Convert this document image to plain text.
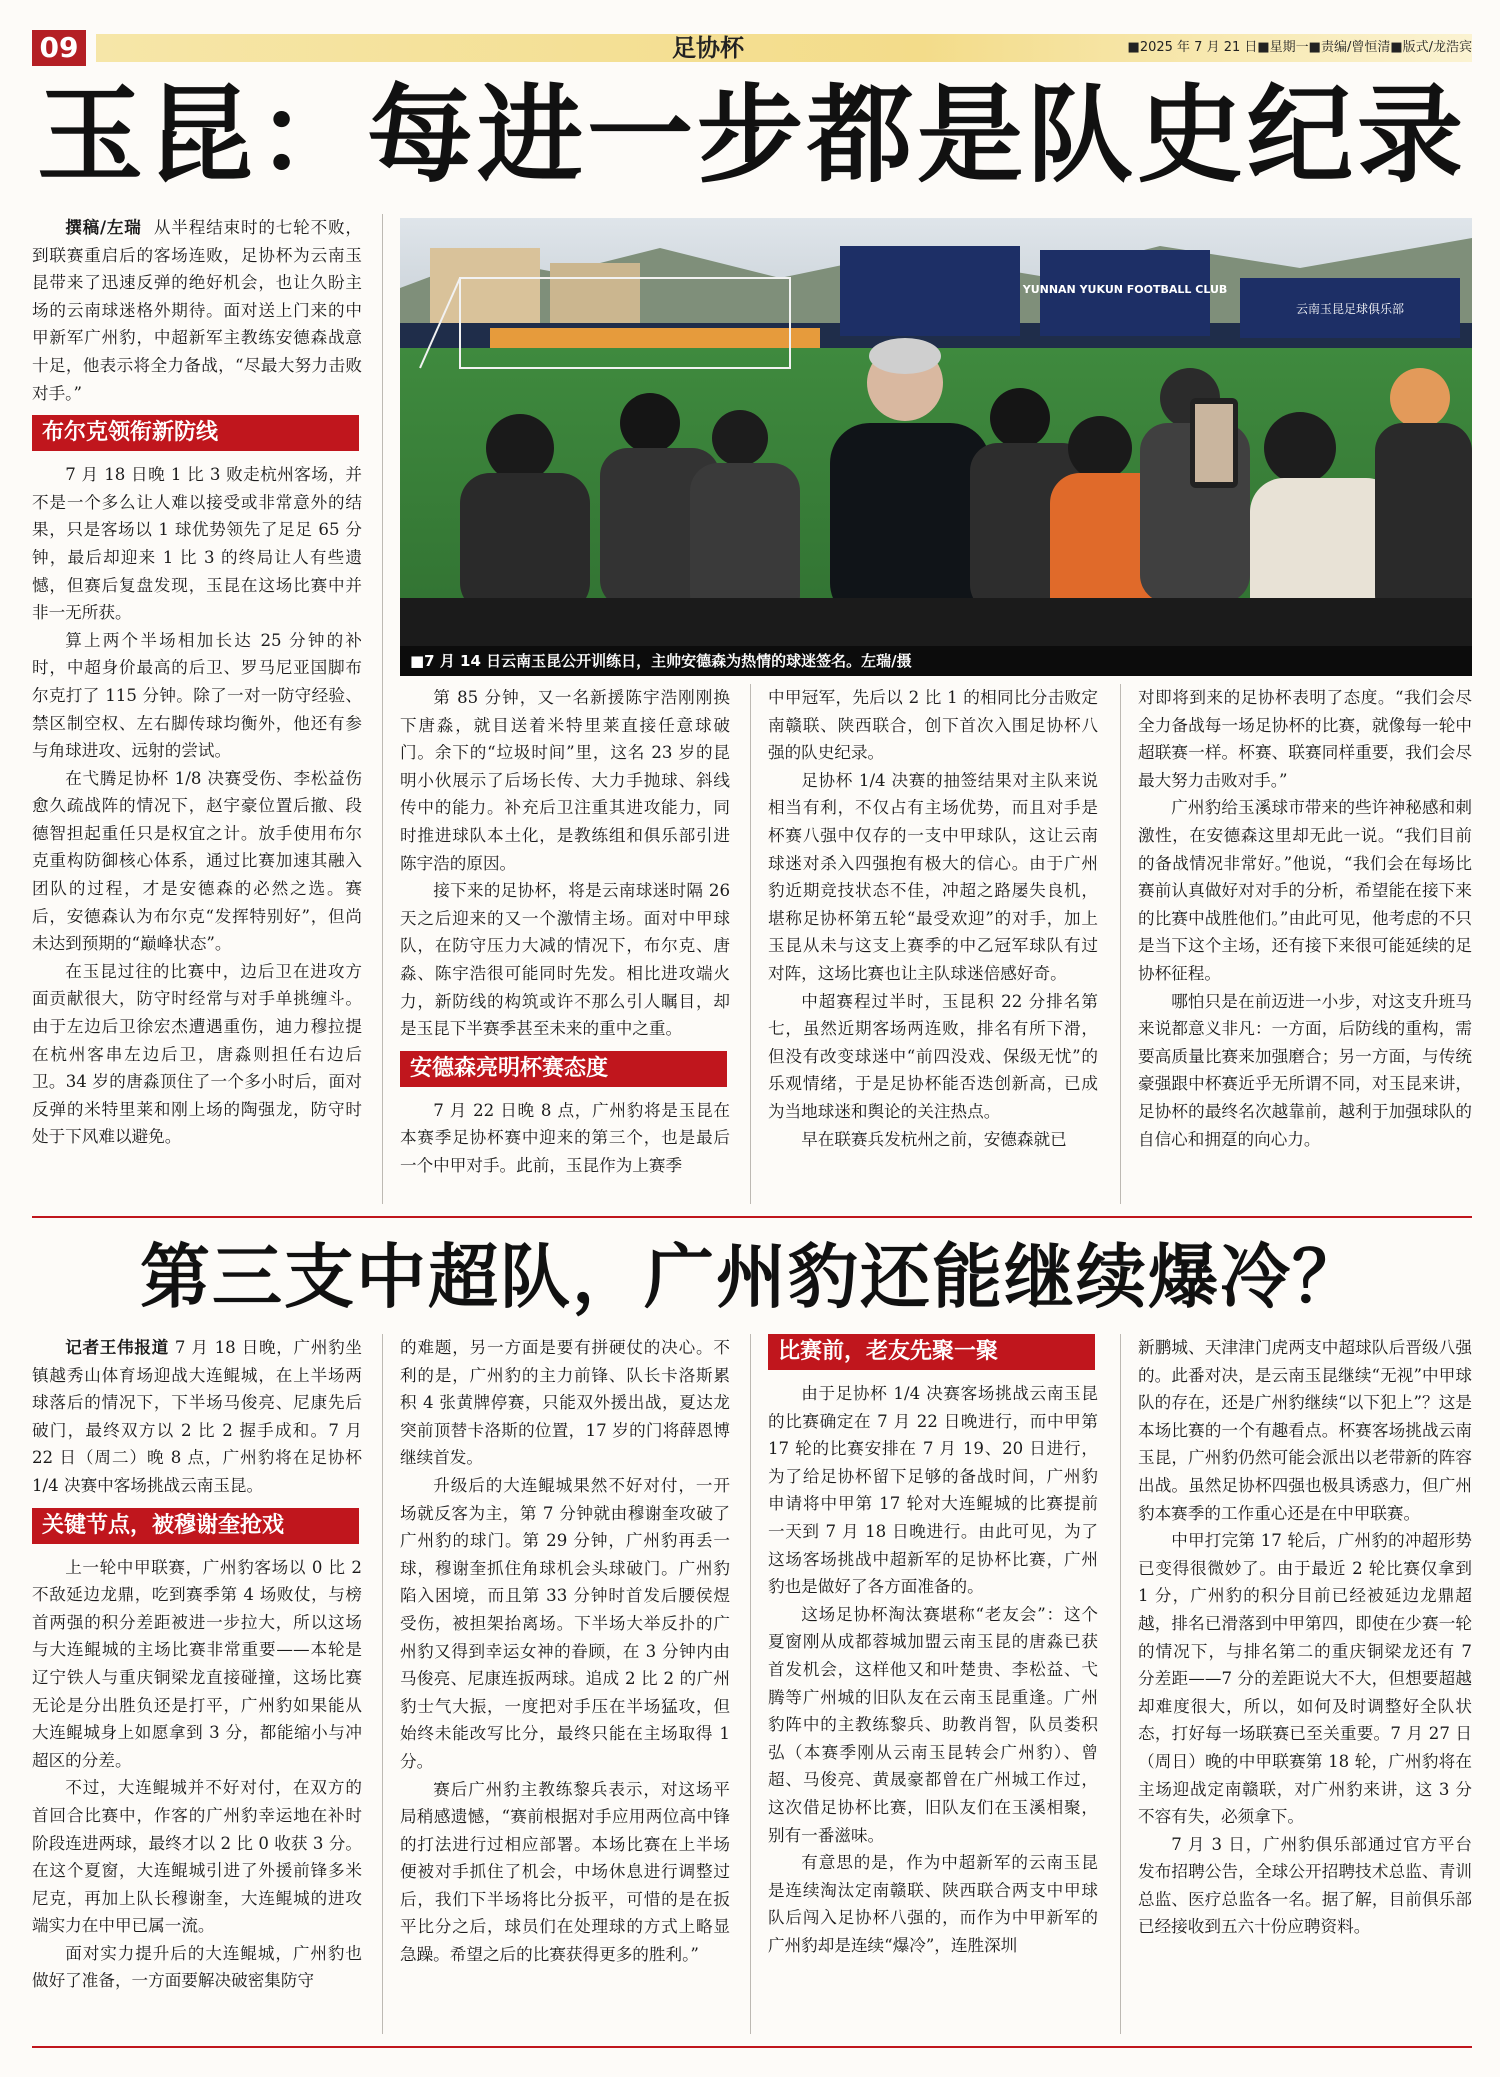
09	足协杯	■2025 年 7 月 21 日■星期一■责编/曾恒清■版式/龙浩宾
玉昆：每进一步都是队史纪录

撰稿/左瑞 从半程结束时的七轮不败，到联赛重启后的客场连败，足协杯为云南玉昆带来了迅速反弹的绝好机会，也让久盼主场的云南球迷格外期待。面对送上门来的中甲新军广州豹，中超新军主教练安德森战意十足，他表示将全力备战，“尽最大努力击败对手。”

布尔克领衔新防线

7 月 18 日晚 1 比 3 败走杭州客场，并不是一个多么让人难以接受或非常意外的结果，只是客场以 1 球优势领先了足足 65 分钟，最后却迎来 1 比 3 的终局让人有些遗憾，但赛后复盘发现，玉昆在这场比赛中并非一无所获。

算上两个半场相加长达 25 分钟的补时，中超身价最高的后卫、罗马尼亚国脚布尔克打了 115 分钟。除了一对一防守经验、禁区制空权、左右脚传球均衡外，他还有参与角球进攻、远射的尝试。

在弋腾足协杯 1/8 决赛受伤、李松益伤愈久疏战阵的情况下，赵宇豪位置后撤、段德智担起重任只是权宜之计。放手使用布尔克重构防御核心体系，通过比赛加速其融入团队的过程，才是安德森的必然之选。赛后，安德森认为布尔克“发挥特别好”，但尚未达到预期的“巅峰状态”。

在玉昆过往的比赛中，边后卫在进攻方面贡献很大，防守时经常与对手单挑缠斗。由于左边后卫徐宏杰遭遇重伤，迪力穆拉提在杭州客串左边后卫，唐淼则担任右边后卫。34 岁的唐淼顶住了一个多小时后，面对反弹的米特里莱和刚上场的陶强龙，防守时处于下风难以避免。

YUNNAN YUKUN FOOTBALL CLUB
云南玉昆足球俱乐部
■7 月 14 日云南玉昆公开训练日，主帅安德森为热情的球迷签名。左瑞/摄

第 85 分钟，又一名新援陈宇浩刚刚换下唐淼，就目送着米特里莱直接任意球破门。余下的“垃圾时间”里，这名 23 岁的昆明小伙展示了后场长传、大力手抛球、斜线传中的能力。补充后卫注重其进攻能力，同时推进球队本土化，是教练组和俱乐部引进陈宇浩的原因。

接下来的足协杯，将是云南球迷时隔 26 天之后迎来的又一个激情主场。面对中甲球队，在防守压力大减的情况下，布尔克、唐淼、陈宇浩很可能同时先发。相比进攻端火力，新防线的构筑或许不那么引人瞩目，却是玉昆下半赛季甚至未来的重中之重。

安德森亮明杯赛态度

7 月 22 日晚 8 点，广州豹将是玉昆在本赛季足协杯赛中迎来的第三个，也是最后一个中甲对手。此前，玉昆作为上赛季

中甲冠军，先后以 2 比 1 的相同比分击败定南赣联、陕西联合，创下首次入围足协杯八强的队史纪录。

足协杯 1/4 决赛的抽签结果对主队来说相当有利，不仅占有主场优势，而且对手是杯赛八强中仅存的一支中甲球队，这让云南球迷对杀入四强抱有极大的信心。由于广州豹近期竞技状态不佳，冲超之路屡失良机，堪称足协杯第五轮“最受欢迎”的对手，加上玉昆从未与这支上赛季的中乙冠军球队有过对阵，这场比赛也让主队球迷倍感好奇。

中超赛程过半时，玉昆积 22 分排名第七，虽然近期客场两连败，排名有所下滑，但没有改变球迷中“前四没戏、保级无忧”的乐观情绪，于是足协杯能否迭创新高，已成为当地球迷和舆论的关注热点。

早在联赛兵发杭州之前，安德森就已

对即将到来的足协杯表明了态度。“我们会尽全力备战每一场足协杯的比赛，就像每一轮中超联赛一样。杯赛、联赛同样重要，我们会尽最大努力击败对手。”

广州豹给玉溪球市带来的些许神秘感和刺激性，在安德森这里却无此一说。“我们目前的备战情况非常好。”他说，“我们会在每场比赛前认真做好对对手的分析，希望能在接下来的比赛中战胜他们。”由此可见，他考虑的不只是当下这个主场，还有接下来很可能延续的足协杯征程。

哪怕只是在前迈进一小步，对这支升班马来说都意义非凡：一方面，后防线的重构，需要高质量比赛来加强磨合；另一方面，与传统豪强跟中杯赛近乎无所谓不同，对玉昆来讲，足协杯的最终名次越靠前，越利于加强球队的自信心和拥趸的向心力。

第三支中超队，广州豹还能继续爆冷？

记者王伟报道 7 月 18 日晚，广州豹坐镇越秀山体育场迎战大连鲲城，在上半场两球落后的情况下，下半场马俊亮、尼康先后破门，最终双方以 2 比 2 握手成和。7 月 22 日（周二）晚 8 点，广州豹将在足协杯 1/4 决赛中客场挑战云南玉昆。

关键节点，被穆谢奎抢戏

上一轮中甲联赛，广州豹客场以 0 比 2 不敌延边龙鼎，吃到赛季第 4 场败仗，与榜首两强的积分差距被进一步拉大，所以这场与大连鲲城的主场比赛非常重要——本轮是辽宁铁人与重庆铜梁龙直接碰撞，这场比赛无论是分出胜负还是打平，广州豹如果能从大连鲲城身上如愿拿到 3 分，都能缩小与冲超区的分差。

不过，大连鲲城并不好对付，在双方的首回合比赛中，作客的广州豹幸运地在补时阶段连进两球，最终才以 2 比 0 收获 3 分。在这个夏窗，大连鲲城引进了外援前锋多米尼克，再加上队长穆谢奎，大连鲲城的进攻端实力在中甲已属一流。

面对实力提升后的大连鲲城，广州豹也做好了准备，一方面要解决破密集防守

的难题，另一方面是要有拼硬仗的决心。不利的是，广州豹的主力前锋、队长卡洛斯累积 4 张黄牌停赛，只能双外援出战，夏达龙突前顶替卡洛斯的位置，17 岁的门将薛恩博继续首发。

升级后的大连鲲城果然不好对付，一开场就反客为主，第 7 分钟就由穆谢奎攻破了广州豹的球门。第 29 分钟，广州豹再丢一球，穆谢奎抓住角球机会头球破门。广州豹陷入困境，而且第 33 分钟时首发后腰侯煜受伤，被担架抬离场。下半场大举反扑的广州豹又得到幸运女神的眷顾，在 3 分钟内由马俊亮、尼康连扳两球。追成 2 比 2 的广州豹士气大振，一度把对手压在半场猛攻，但始终未能改写比分，最终只能在主场取得 1 分。

赛后广州豹主教练黎兵表示，对这场平局稍感遗憾，“赛前根据对手应用两位高中锋的打法进行过相应部署。本场比赛在上半场便被对手抓住了机会，中场休息进行调整过后，我们下半场将比分扳平，可惜的是在扳平比分之后，球员们在处理球的方式上略显急躁。希望之后的比赛获得更多的胜利。”

比赛前，老友先聚一聚

由于足协杯 1/4 决赛客场挑战云南玉昆的比赛确定在 7 月 22 日晚进行，而中甲第 17 轮的比赛安排在 7 月 19、20 日进行，为了给足协杯留下足够的备战时间，广州豹申请将中甲第 17 轮对大连鲲城的比赛提前一天到 7 月 18 日晚进行。由此可见，为了这场客场挑战中超新军的足协杯比赛，广州豹也是做好了各方面准备的。

这场足协杯淘汰赛堪称“老友会”：这个夏窗刚从成都蓉城加盟云南玉昆的唐淼已获首发机会，这样他又和叶楚贵、李松益、弋腾等广州城的旧队友在云南玉昆重逢。广州豹阵中的主教练黎兵、助教肖智，队员娄积弘（本赛季刚从云南玉昆转会广州豹）、曾超、马俊亮、黄晟豪都曾在广州城工作过，这次借足协杯比赛，旧队友们在玉溪相聚，别有一番滋味。

有意思的是，作为中超新军的云南玉昆是连续淘汰定南赣联、陕西联合两支中甲球队后闯入足协杯八强的，而作为中甲新军的广州豹却是连续“爆冷”，连胜深圳

新鹏城、天津津门虎两支中超球队后晋级八强的。此番对决，是云南玉昆继续“无视”中甲球队的存在，还是广州豹继续“以下犯上”？这是本场比赛的一个有趣看点。杯赛客场挑战云南玉昆，广州豹仍然可能会派出以老带新的阵容出战。虽然足协杯四强也极具诱惑力，但广州豹本赛季的工作重心还是在中甲联赛。

中甲打完第 17 轮后，广州豹的冲超形势已变得很微妙了。由于最近 2 轮比赛仅拿到 1 分，广州豹的积分目前已经被延边龙鼎超越，排名已滑落到中甲第四，即使在少赛一轮的情况下，与排名第二的重庆铜梁龙还有 7 分差距——7 分的差距说大不大，但想要超越却难度很大，所以，如何及时调整好全队状态，打好每一场联赛已至关重要。7 月 27 日（周日）晚的中甲联赛第 18 轮，广州豹将在主场迎战定南赣联，对广州豹来讲，这 3 分不容有失，必须拿下。

7 月 3 日，广州豹俱乐部通过官方平台发布招聘公告，全球公开招聘技术总监、青训总监、医疗总监各一名。据了解，目前俱乐部已经接收到五六十份应聘资料。
